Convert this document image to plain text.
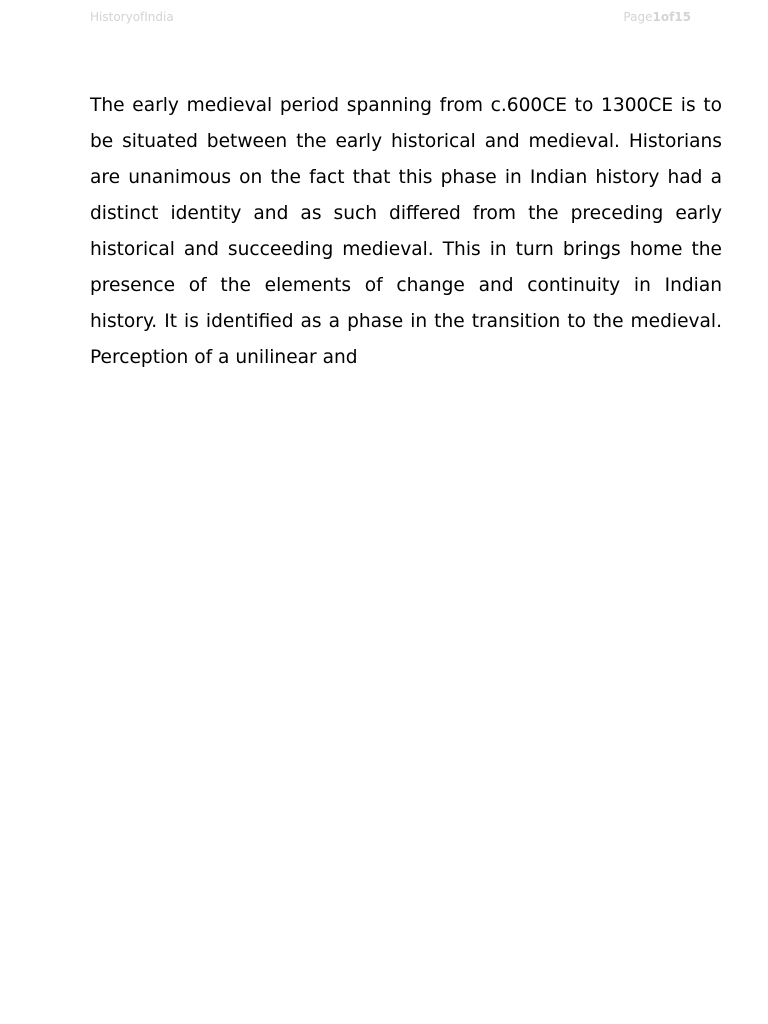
HistoryofIndia	Page1of15

The early medieval period spanning from c.600CE to 1300CE is to be situated between the early historical and medieval. Historians are unanimous on the fact that this phase in Indian history had a distinct identity and as such differed from the preceding early historical and succeeding medieval. This in turn brings home the presence of the elements of change and continuity in Indian history. It is identified as a phase in the transition to the medieval. Perception of a unilinear and
